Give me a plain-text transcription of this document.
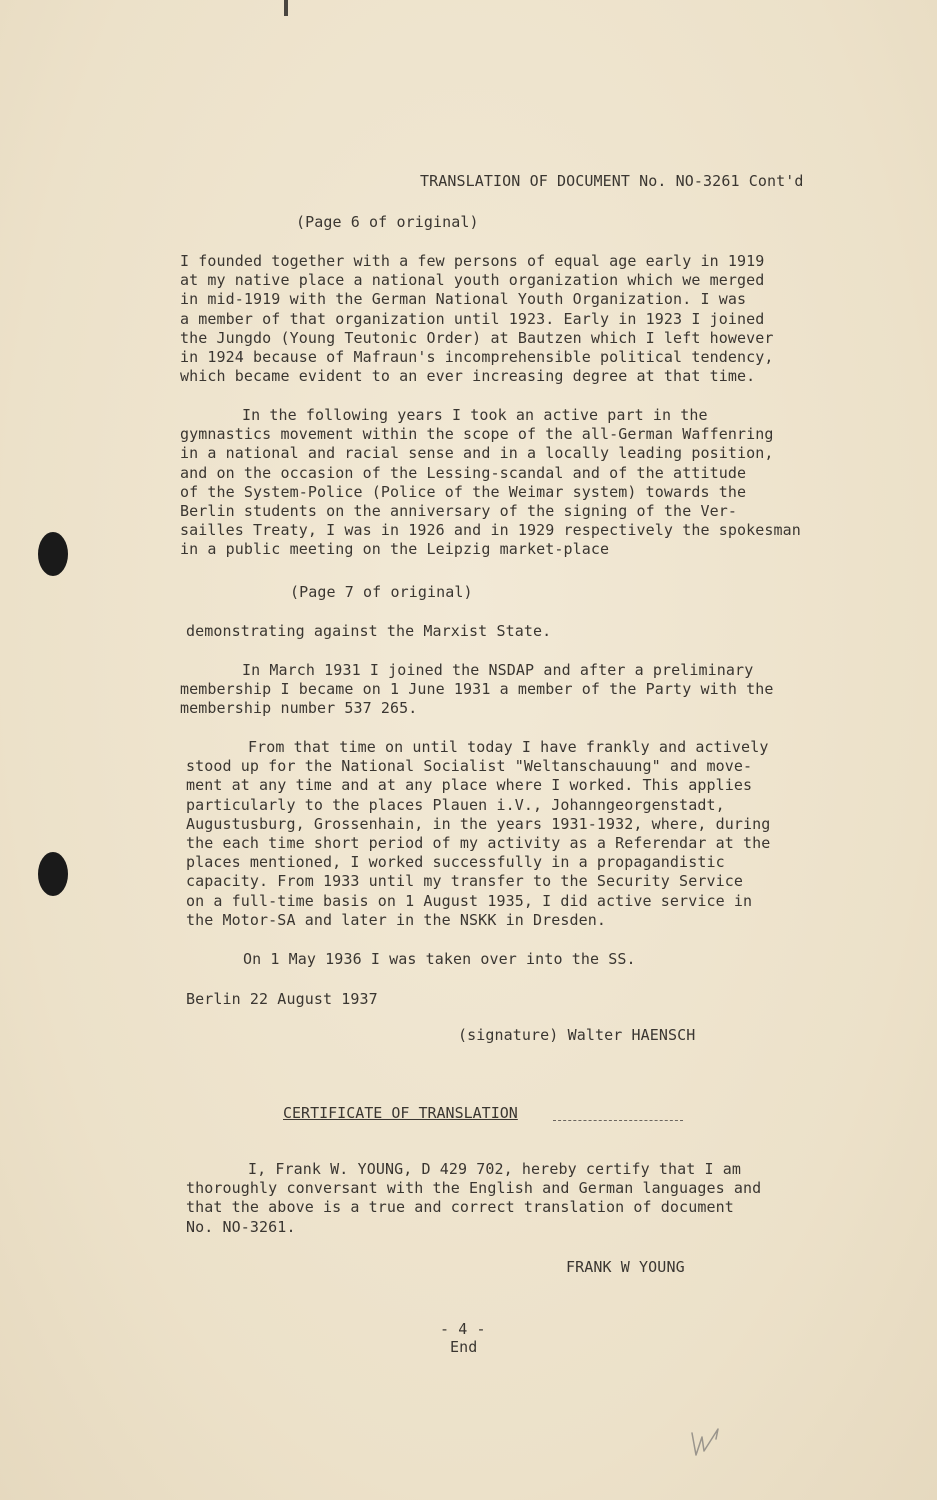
TRANSLATION OF DOCUMENT No. NO-3261 Cont'd
(Page 6 of original)
I founded together with a few persons of equal age early in 1919
at my native place a national youth organization which we merged
in mid-1919 with the German National Youth Organization. I was
a member of that organization until 1923. Early in 1923 I joined
the Jungdo (Young Teutonic Order) at Bautzen which I left however
in 1924 because of Mafraun's incomprehensible political tendency,
which became evident to an ever increasing degree at that time.
In the following years I took an active part in the
gymnastics movement within the scope of the all-German Waffenring
in a national and racial sense and in a locally leading position,
and on the occasion of the Lessing-scandal and of the attitude
of the System-Police (Police of the Weimar system) towards the
Berlin students on the anniversary of the signing of the Ver-
sailles Treaty, I was in 1926 and in 1929 respectively the spokesman
in a public meeting on the Leipzig market-place
(Page 7 of original)
demonstrating against the Marxist State.
In March 1931 I joined the NSDAP and after a preliminary
membership I became on 1 June 1931 a member of the Party with the
membership number 537 265.
From that time on until today I have frankly and actively
stood up for the National Socialist "Weltanschauung" and move-
ment at any time and at any place where I worked. This applies
particularly to the places Plauen i.V., Johanngeorgenstadt,
Augustusburg, Grossenhain, in the years 1931-1932, where, during
the each time short period of my activity as a Referendar at the
places mentioned, I worked successfully in a propagandistic
capacity. From 1933 until my transfer to the Security Service
on a full-time basis on 1 August 1935, I did active service in
the Motor-SA and later in the NSKK in Dresden.
On 1 May 1936 I was taken over into the SS.
Berlin 22 August 1937
(signature) Walter HAENSCH
CERTIFICATE OF TRANSLATION
I, Frank W. YOUNG, D 429 702, hereby certify that I am
thoroughly conversant with the English and German languages and
that the above is a true and correct translation of document
No. NO-3261.
FRANK W YOUNG
- 4 -
End
